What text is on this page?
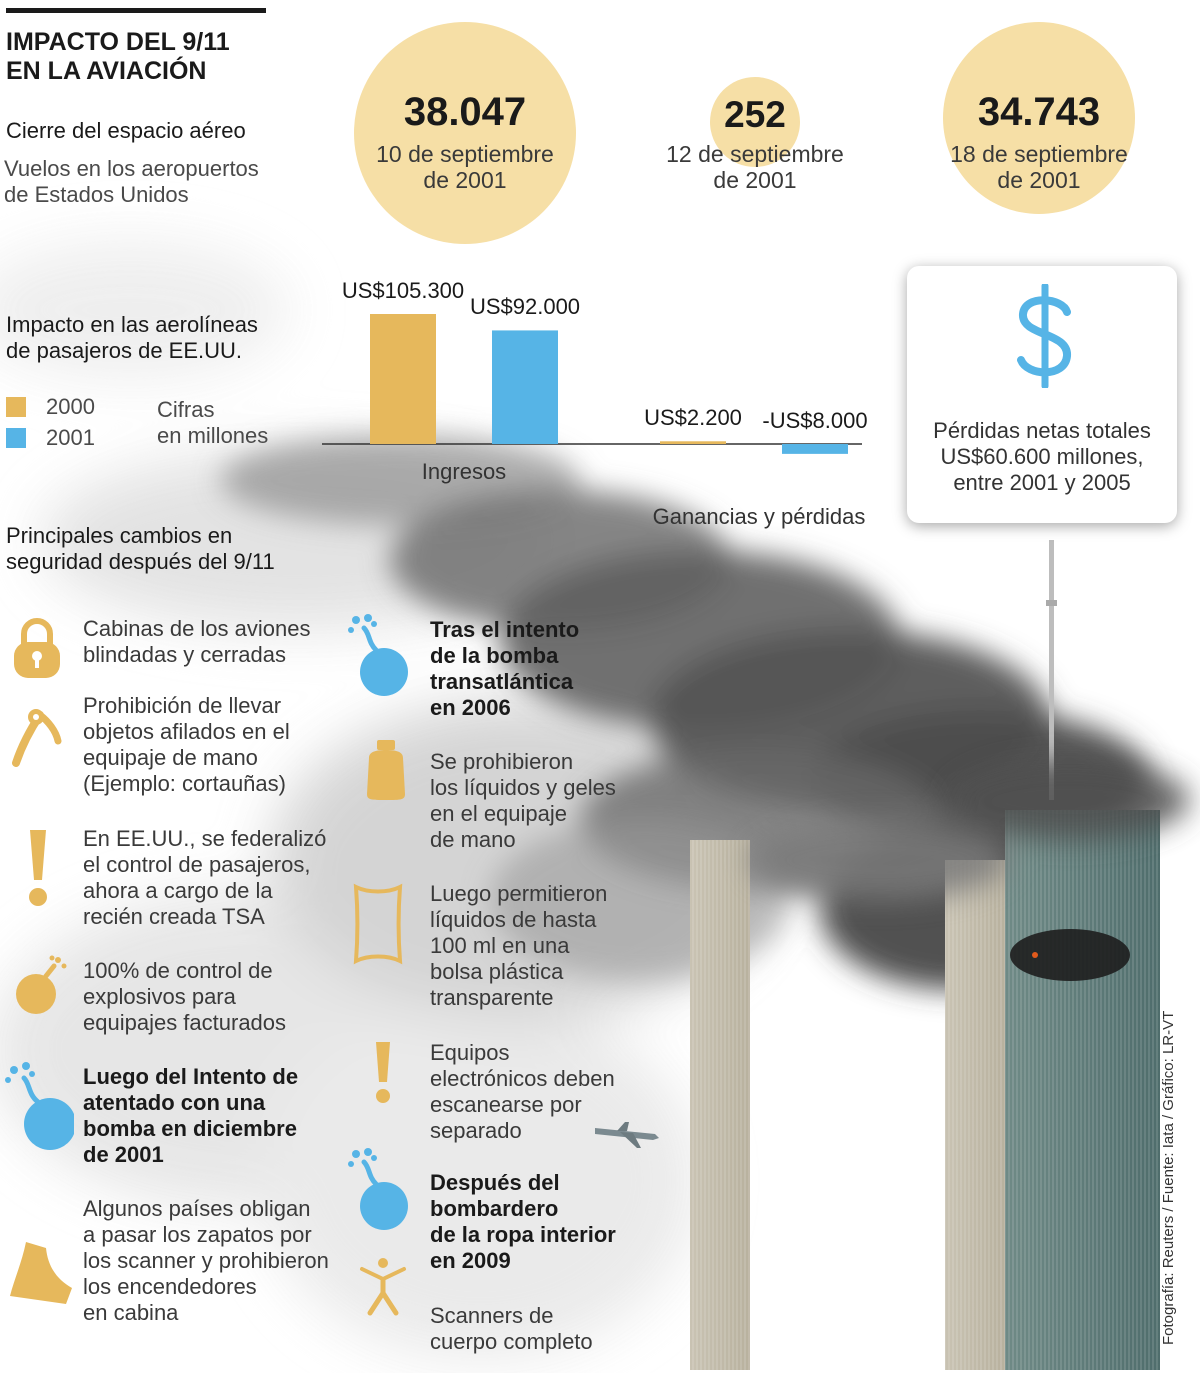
IMPACTO DEL 9/11
EN LA AVIACIÓN
Cierre del espacio aéreo
Vuelos en los aeropuertos
de Estados Unidos
38.047
10 de septiembre
de 2001
252
12 de septiembre
de 2001
34.743
18 de septiembre
de 2001
Impacto en las aerolíneas
de pasajeros de EE.UU.
2000
2001
Cifras
en millones
US$105.300
US$92.000
US$2.200 -US$8.000
Ingresos
Ganancias y pérdidas
Pérdidas netas totales
US$60.600 millones,
entre 2001 y 2005
Principales cambios en
seguridad después del 9/11
Cabinas de los aviones
blindadas y cerradas
Prohibición de llevar
objetos afilados en el
equipaje de mano
(Ejemplo: cortauñas)
En EE.UU., se federalizó
el control de pasajeros,
ahora a cargo de la
recién creada TSA
100% de control de
explosivos para
equipajes facturados
Luego del Intento de
atentado con una
bomba en diciembre
de 2001
Algunos países obligan
a pasar los zapatos por
los scanner y prohibieron
los encendedores
en cabina
Tras el intento
de la bomba
transatlántica
en 2006
Se prohibieron
los líquidos y geles
en el equipaje
de mano
Luego permitieron
líquidos de hasta
100 ml en una
bolsa plástica
transparente
Equipos
electrónicos deben
escanearse por
separado
Después del
bombardero
de la ropa interior
en 2009
Scanners de
cuerpo completo	Fotografía: Reuters / Fuente: Iata / Gráfico: LR-VT
